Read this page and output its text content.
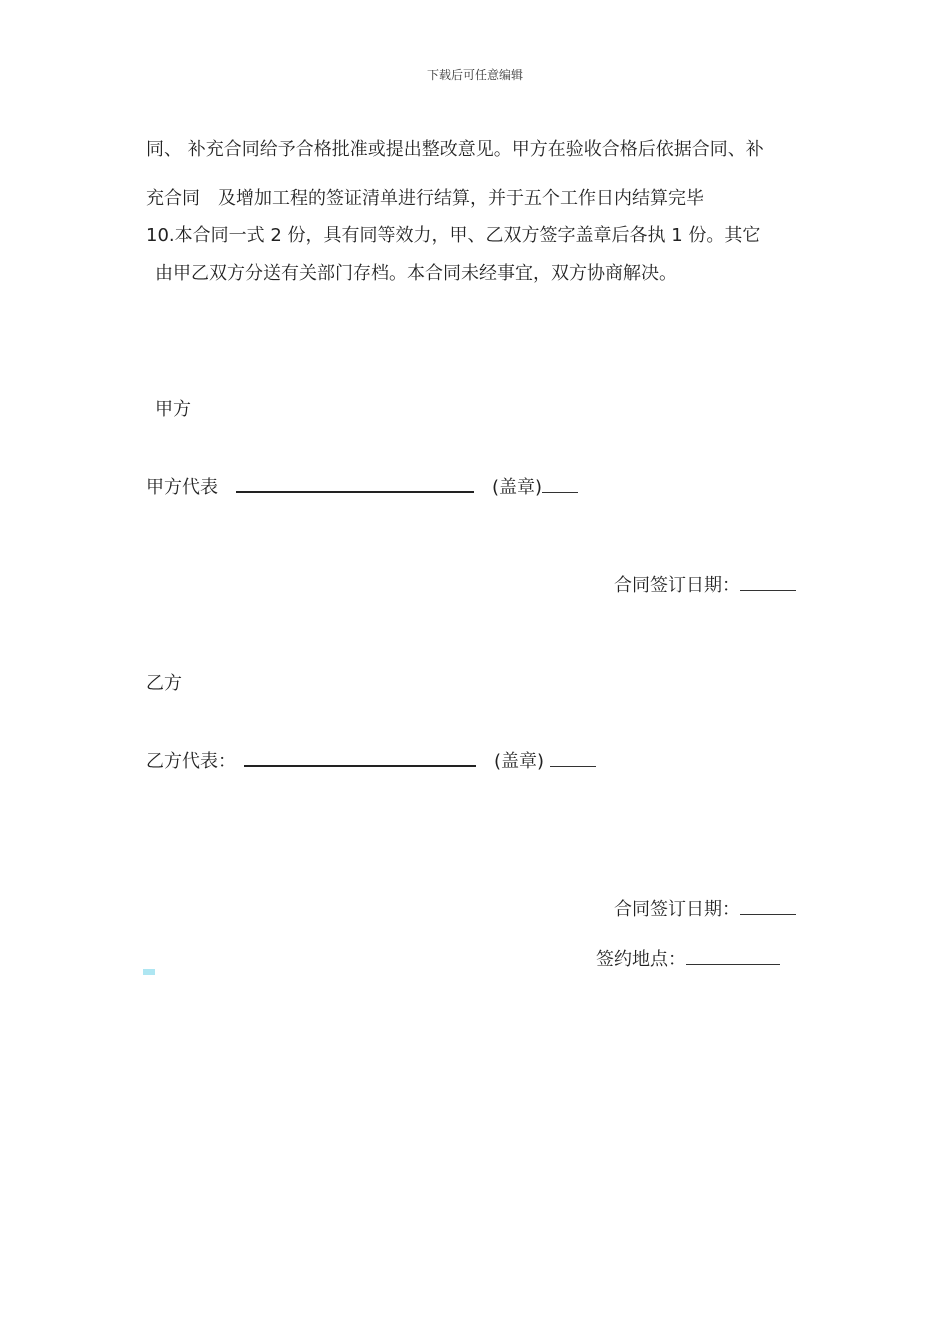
下载后可任意编辑
同、 补充合同给予合格批准或提出整改意见。甲方在验收合格后依据合同、补
充合同　及增加工程的签证清单进行结算，并于五个工作日内结算完毕
10.本合同一式 2 份，具有同等效力，甲、乙双方签字盖章后各执 1 份。其它
由甲乙双方分送有关部门存档。本合同未经事宜，双方协商解决。
甲方
甲方代表	(盖章)
合同签订日期：
乙方
乙方代表：	(盖章)
合同签订日期：
签约地点：
